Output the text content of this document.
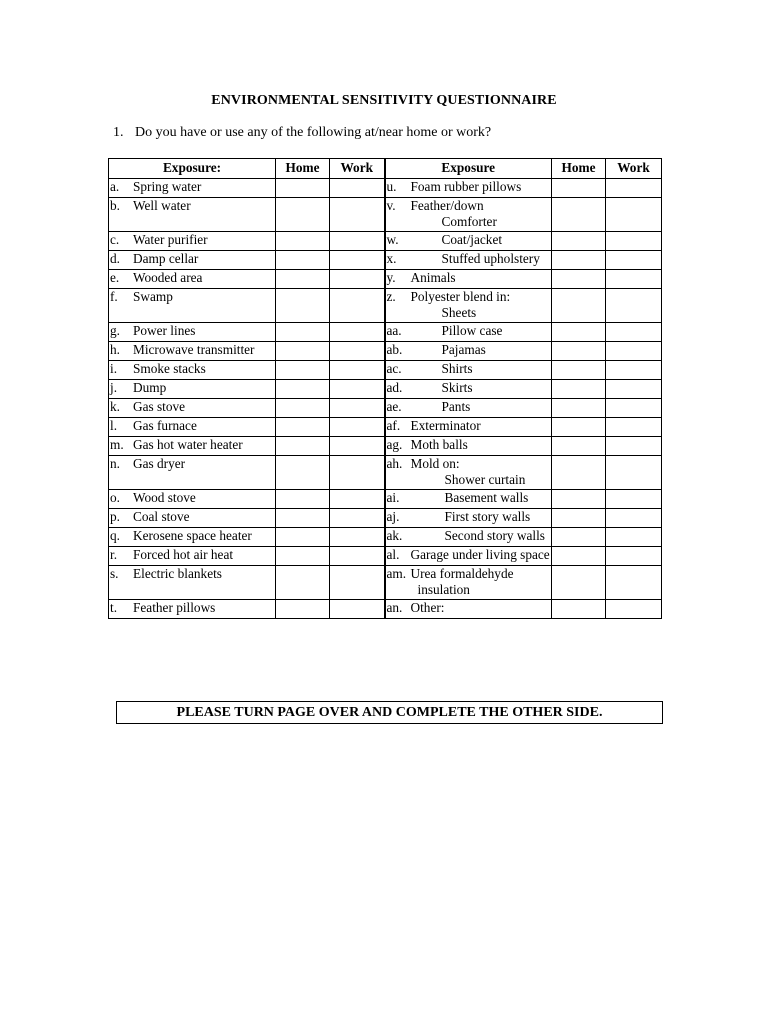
ENVIRONMENTAL SENSITIVITY QUESTIONNAIRE
1. Do you have or use any of the following at/near home or work?
Exposure:	Home	Work	Exposure	Home	Work
a. Spring water			u. Foam rubber pillows		
b. Well water			v. Feather/down
Comforter		

c. Water purifier			w. Coat/jacket		
d. Damp cellar			x. Stuffed upholstery		
e. Wooded area			y. Animals		
f. Swamp			z. Polyester blend in:
Sheets		

g. Power lines			aa. Pillow case		
h. Microwave transmitter			ab. Pajamas		
i. Smoke stacks			ac. Shirts		
j. Dump			ad. Skirts		
k. Gas stove			ae. Pants		
l. Gas furnace			af. Exterminator		
m. Gas hot water heater			ag. Moth balls		
n. Gas dryer			ah. Mold on:
Shower curtain		

o. Wood stove			ai. Basement walls		
p. Coal stove			aj. First story walls		
q. Kerosene space heater			ak. Second story walls		
r. Forced hot air heat			al. Garage under living space		
s. Electric blankets			am. Urea formaldehyde
insulation		

t. Feather pillows			an. Other:		
PLEASE TURN PAGE OVER AND COMPLETE THE OTHER SIDE.
